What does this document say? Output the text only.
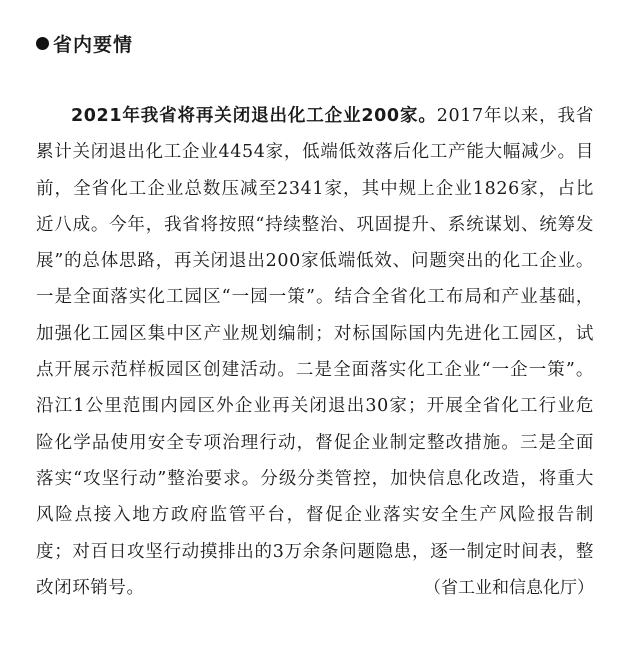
省内要情

2021年我省将再关闭退出化工企业200家。2017年以来，我省累计关闭退出化工企业4454家，低端低效落后化工产能大幅减少。目前，全省化工企业总数压减至2341家，其中规上企业1826家，占比近八成。今年，我省将按照“持续整治、巩固提升、系统谋划、统筹发展”的总体思路，再关闭退出200家低端低效、问题突出的化工企业。一是全面落实化工园区“一园一策”。结合全省化工布局和产业基础，加强化工园区集中区产业规划编制；对标国际国内先进化工园区，试点开展示范样板园区创建活动。二是全面落实化工企业“一企一策”。沿江1公里范围内园区外企业再关闭退出30家；开展全省化工行业危险化学品使用安全专项治理行动，督促企业制定整改措施。三是全面落实“攻坚行动”整治要求。分级分类管控，加快信息化改造，将重大风险点接入地方政府监管平台，督促企业落实安全生产风险报告制度；对百日攻坚行动摸排出的3万余条问题隐患，逐一制定时间表，整改闭环销号。	（省工业和信息化厅）
